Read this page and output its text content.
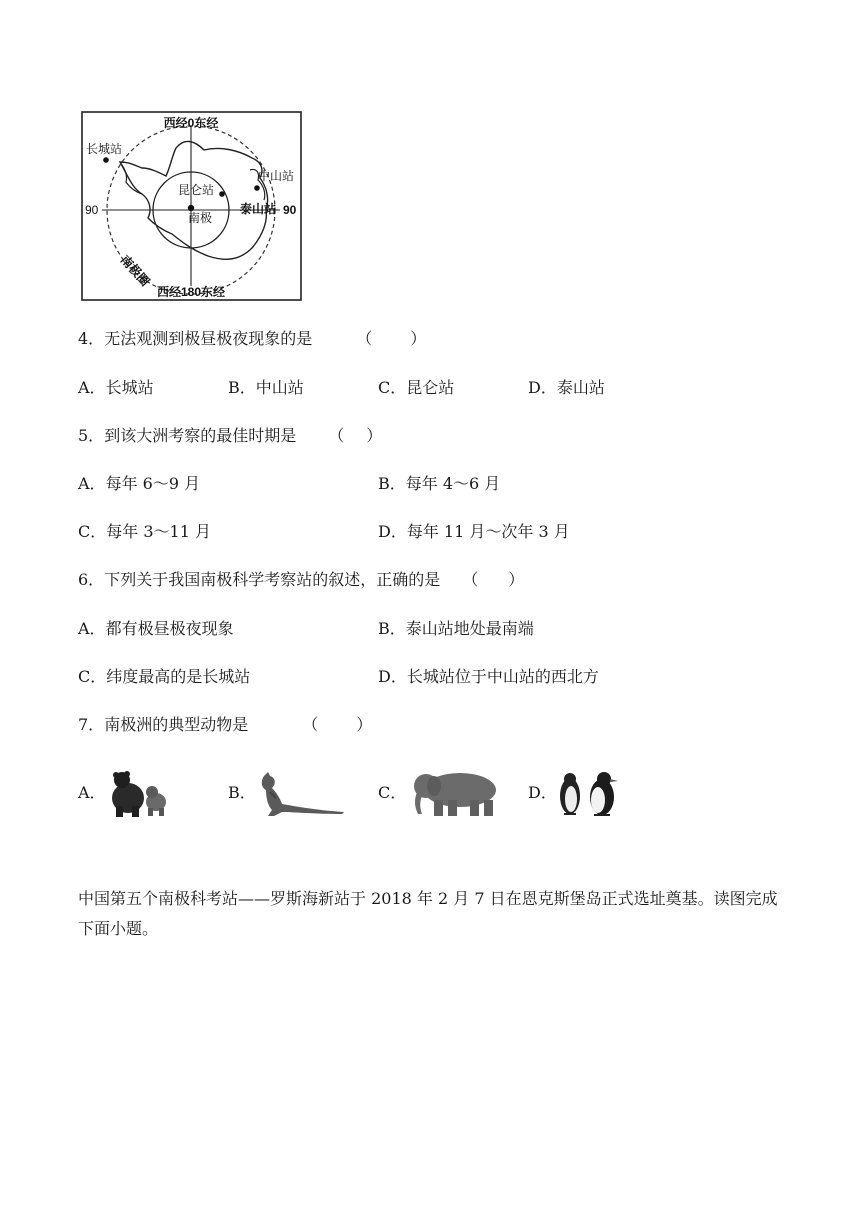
西经0东经
西经180东经
90	90
长城站
中山站
昆仑站
泰山站
南极
南极圈
4．无法观测到极昼极夜现象的是	（ ）
A．长城站	B．中山站	C．昆仑站	D．泰山站
5．到该大洲考察的最佳时期是 （ ）
A．每年 6～9 月	B．每年 4～6 月
C．每年 3～11 月	D．每年 11 月～次年 3 月
6．下列关于我国南极科学考察站的叙述，正确的是 （ ）
A．都有极昼极夜现象	B．泰山站地处最南端
C．纬度最高的是长城站	D．长城站位于中山站的西北方
7．南极洲的典型动物是	（ ）
A．	B．	C．	D．
中国第五个南极科考站——罗斯海新站于 2018 年 2 月 7 日在恩克斯堡岛正式选址奠基。读图完成下面小题。
